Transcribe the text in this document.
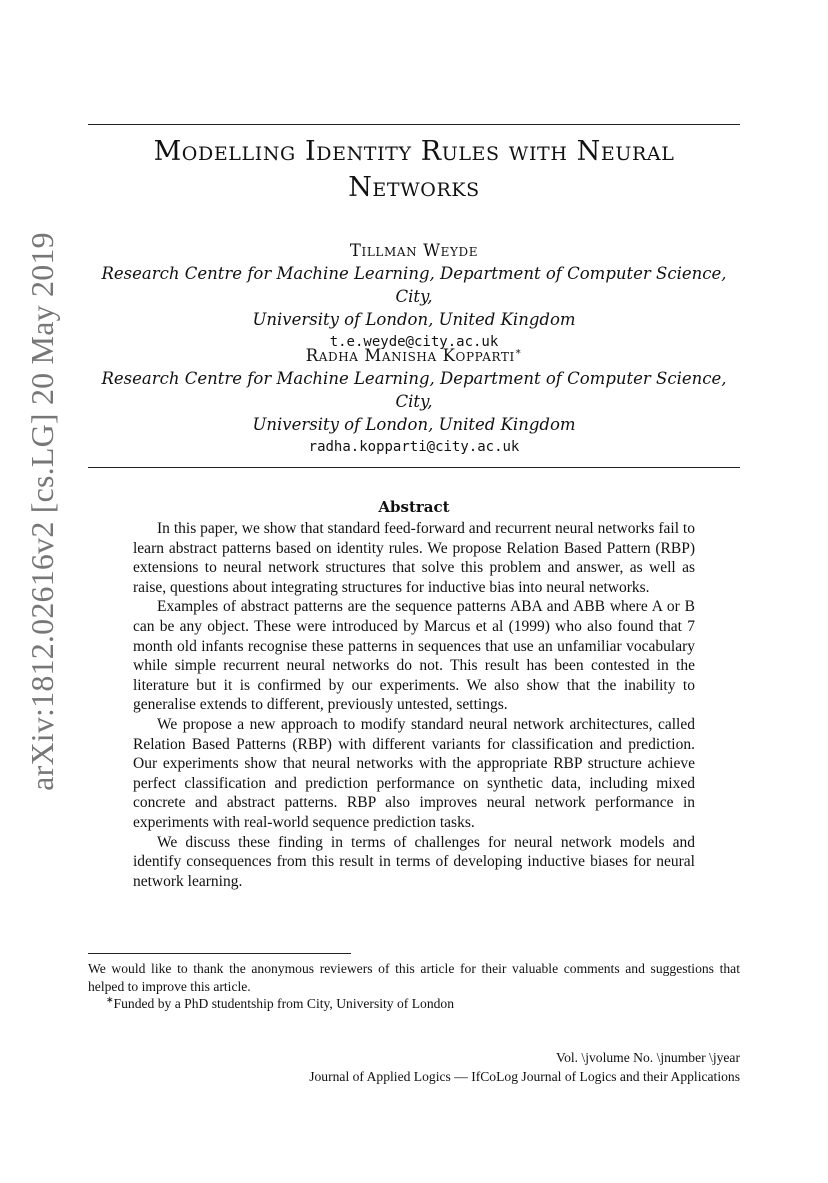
arXiv:1812.02616v2 [cs.LG] 20 May 2019
Modelling Identity Rules with Neural
Networks
Tillman Weyde
Research Centre for Machine Learning, Department of Computer Science, City,
University of London, United Kingdom
t.e.weyde@city.ac.uk
Radha Manisha Kopparti∗
Research Centre for Machine Learning, Department of Computer Science, City,
University of London, United Kingdom
radha.kopparti@city.ac.uk
Abstract

In this paper, we show that standard feed-forward and recurrent neural networks fail to learn abstract patterns based on identity rules. We propose Relation Based Pattern (RBP) extensions to neural network structures that solve this problem and answer, as well as raise, questions about integrating structures for inductive bias into neural networks.

Examples of abstract patterns are the sequence patterns ABA and ABB where A or B can be any object. These were introduced by Marcus et al (1999) who also found that 7 month old infants recognise these patterns in sequences that use an unfamiliar vocabulary while simple recurrent neural networks do not. This result has been contested in the literature but it is confirmed by our experiments. We also show that the inability to generalise extends to different, previously untested, settings.

We propose a new approach to modify standard neural network architectures, called Relation Based Patterns (RBP) with different variants for classification and prediction. Our experiments show that neural networks with the appropriate RBP structure achieve perfect classification and prediction performance on synthetic data, including mixed concrete and abstract patterns. RBP also improves neural network performance in experiments with real-world sequence prediction tasks.

We discuss these finding in terms of challenges for neural network models and identify consequences from this result in terms of developing inductive biases for neural network learning.

We would like to thank the anonymous reviewers of this article for their valuable comments and suggestions that helped to improve this article.

∗Funded by a PhD studentship from City, University of London

Vol. \jvolume No. \jnumber \jyear
Journal of Applied Logics — IfCoLog Journal of Logics and their Applications
